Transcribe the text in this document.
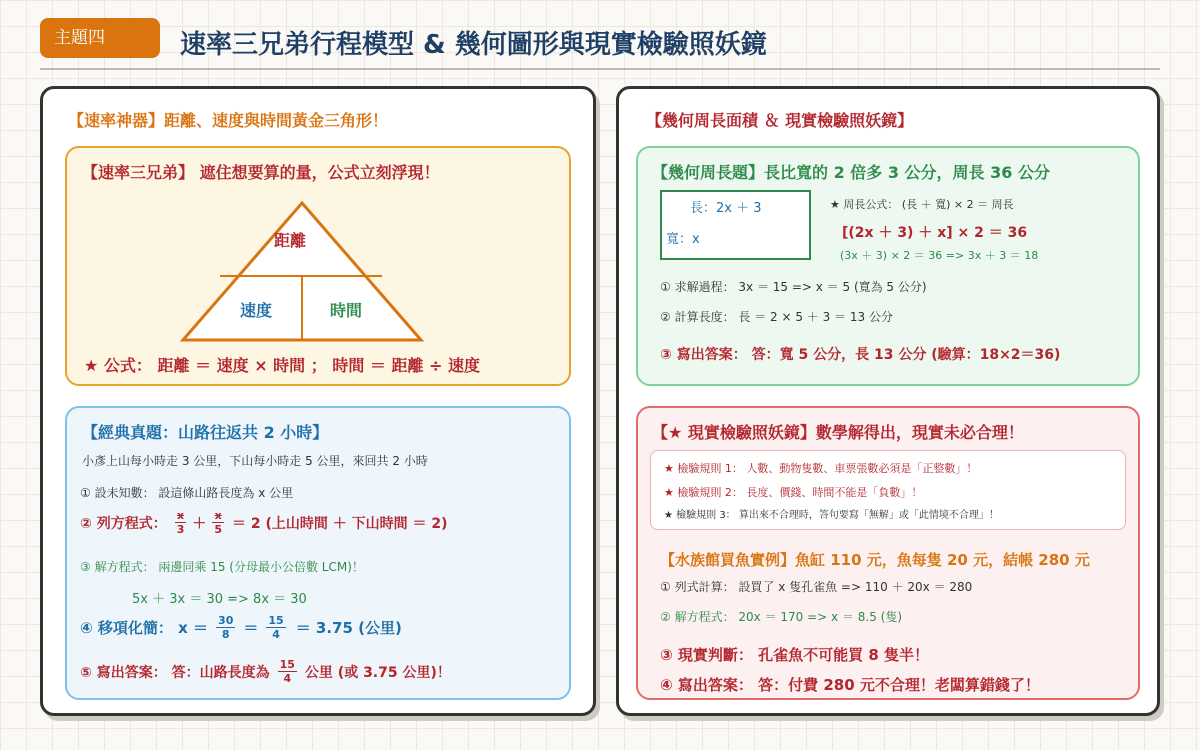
主題四	速率三兄弟行程模型 & 幾何圖形與現實檢驗照妖鏡
【速率神器】距離、速度與時間黃金三角形！
【速率三兄弟】 遮住想要算的量，公式立刻浮現！
距離
速度	時間
★ 公式： 距離 ＝ 速度 × 時間 ； 時間 ＝ 距離 ÷ 速度
【經典真題：山路往返共 2 小時】
小彥上山每小時走 3 公里，下山每小時走 5 公里，來回共 2 小時
① 設未知數： 設這條山路長度為 x 公里
② 列方程式： $\frac{x}{3} + \frac{x}{5} = 2$ (上山時間 ＋ 下山時間 ＝ 2)
③ 解方程式： 兩邊同乘 15 (分母最小公倍數 LCM)！
5x ＋ 3x ＝ 30 => 8x ＝ 30
④ 移項化簡： $x = \frac{30}{8} = \frac{15}{4} = 3.75$ (公里)
⑤ 寫出答案： 答：山路長度為 $\frac{15}{4}$ 公里 (或 3.75 公里)！
【幾何周長面積 ＆ 現實檢驗照妖鏡】
【幾何周長題】長比寬的 2 倍多 3 公分，周長 36 公分
長：2x ＋ 3
寬：x
★ 周長公式： (長 ＋ 寬) × 2 ＝ 周長
[(2x ＋ 3) ＋ x] × 2 ＝ 36
(3x ＋ 3) × 2 ＝ 36 => 3x ＋ 3 ＝ 18
① 求解過程： 3x ＝ 15 => x ＝ 5 (寬為 5 公分)
② 計算長度： 長 ＝ 2 × 5 ＋ 3 ＝ 13 公分
③ 寫出答案： 答：寬 5 公分，長 13 公分 (驗算：18×2＝36)
【★ 現實檢驗照妖鏡】數學解得出，現實未必合理！
★ 檢驗規則 1： 人數、動物隻數、車票張數必須是「正整數」！
★ 檢驗規則 2： 長度、價錢、時間不能是「負數」！
★ 檢驗規則 3： 算出來不合理時，答句要寫「無解」或「此情境不合理」！
【水族館買魚實例】魚缸 110 元，魚每隻 20 元，結帳 280 元
① 列式計算： 設買了 x 隻孔雀魚 => 110 ＋ 20x ＝ 280
② 解方程式： 20x ＝ 170 => x ＝ 8.5 (隻)
③ 現實判斷： 孔雀魚不可能買 8 隻半！
④ 寫出答案： 答：付費 280 元不合理！老闆算錯錢了！
